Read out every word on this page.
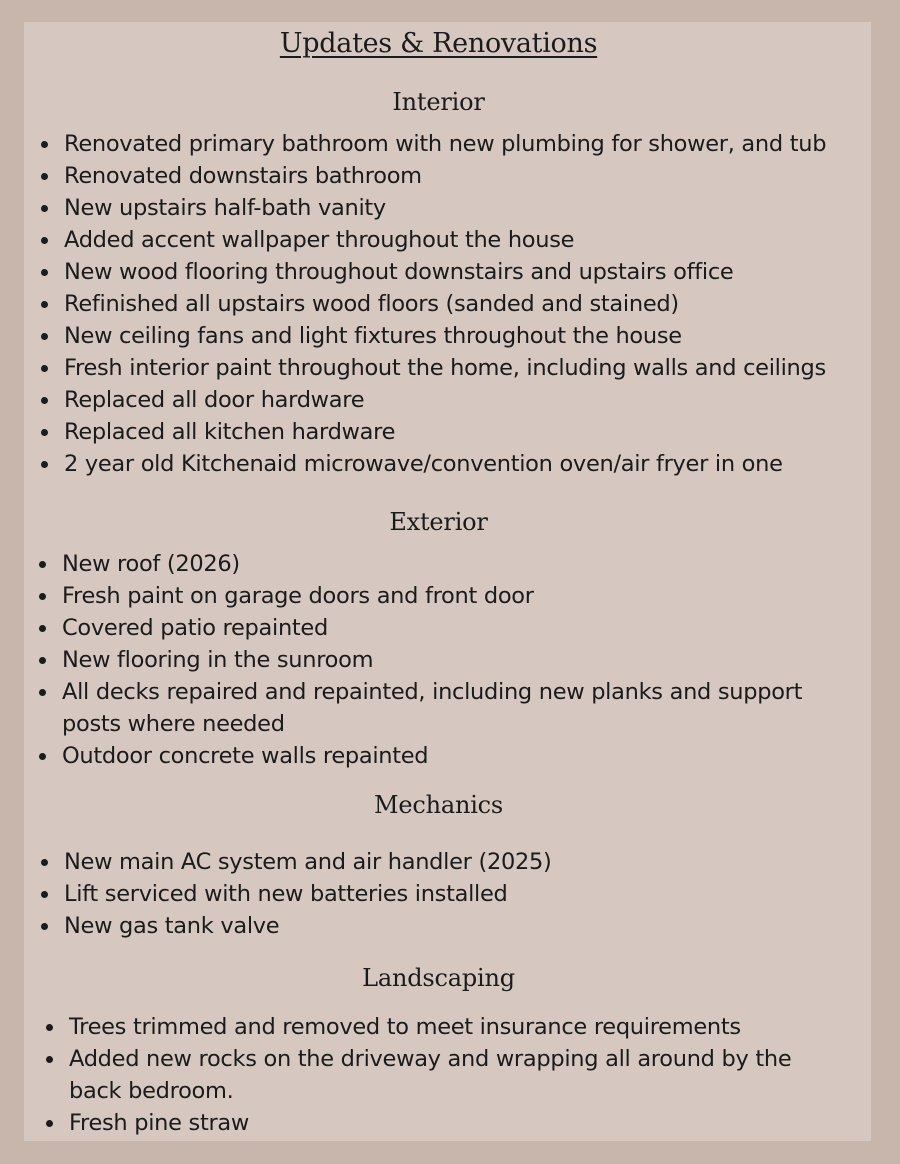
Updates & Renovations
Interior
Renovated primary bathroom with new plumbing for shower, and tub
Renovated downstairs bathroom
New upstairs half-bath vanity
Added accent wallpaper throughout the house
New wood flooring throughout downstairs and upstairs office
Refinished all upstairs wood floors (sanded and stained)
New ceiling fans and light fixtures throughout the house
Fresh interior paint throughout the home, including walls and ceilings
Replaced all door hardware
Replaced all kitchen hardware
2 year old Kitchenaid microwave/convention oven/air fryer in one
Exterior
New roof (2026)
Fresh paint on garage doors and front door
Covered patio repainted
New flooring in the sunroom
All decks repaired and repainted, including new planks and support posts where needed
Outdoor concrete walls repainted
Mechanics
New main AC system and air handler (2025)
Lift serviced with new batteries installed
New gas tank valve
Landscaping
Trees trimmed and removed to meet insurance requirements
Added new rocks on the driveway and wrapping all around by the back bedroom.
Fresh pine straw
